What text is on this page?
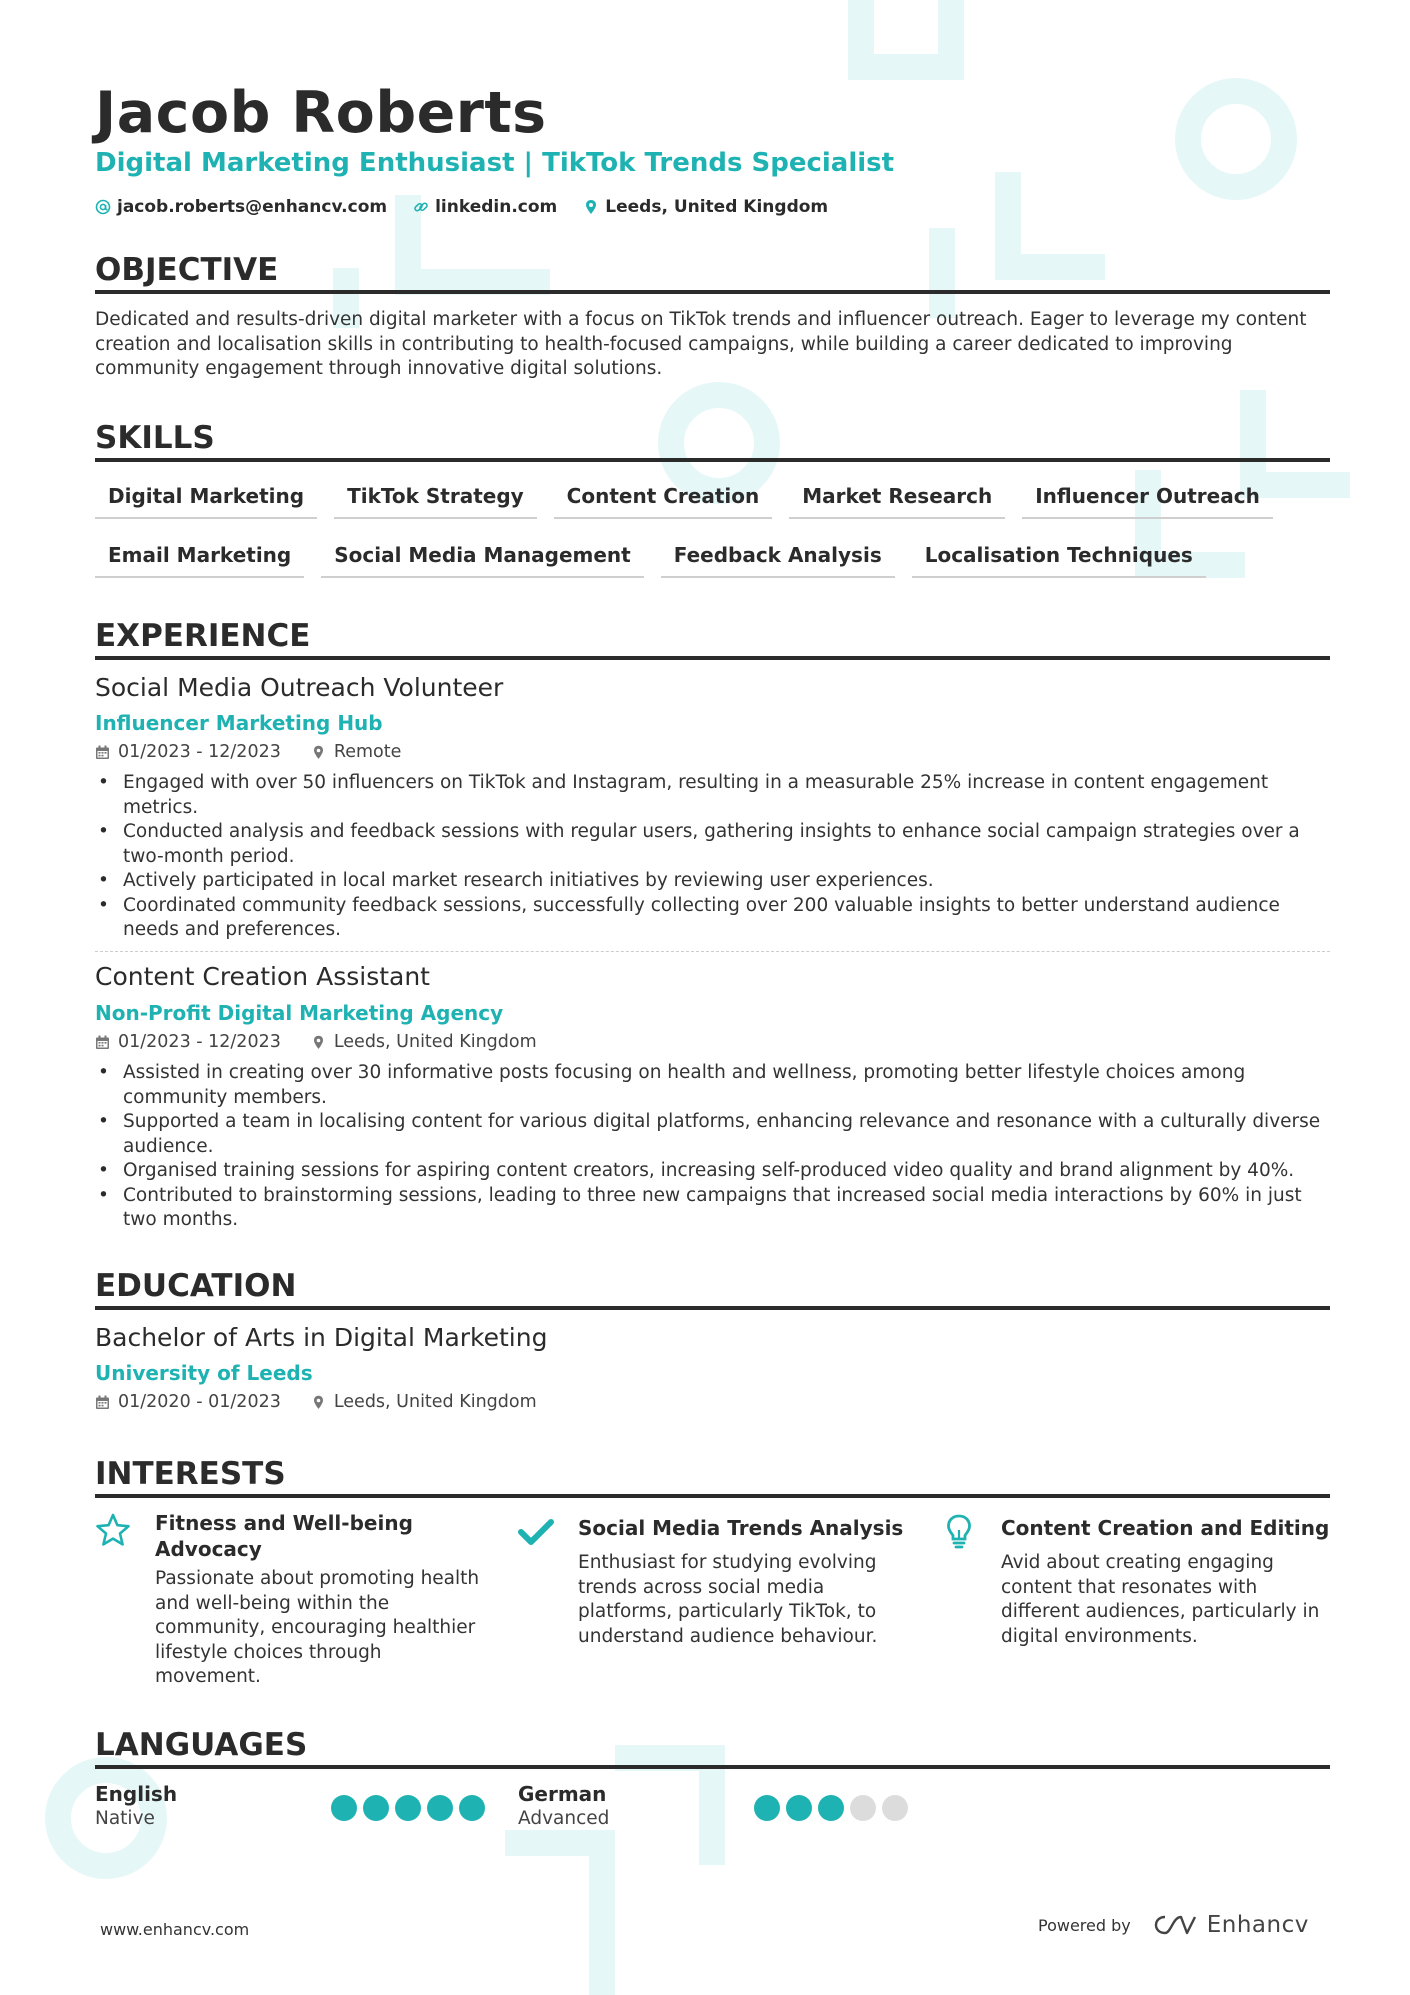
Jacob Roberts
Digital Marketing Enthusiast | TikTok Trends Specialist
jacob.roberts@enhancv.com	linkedin.com	Leeds, United Kingdom
OBJECTIVE
Dedicated and results-driven digital marketer with a focus on TikTok trends and influencer outreach. Eager to leverage my content creation and localisation skills in contributing to health-focused campaigns, while building a career dedicated to improving community engagement through innovative digital solutions.
SKILLS
Digital Marketing	TikTok Strategy	Content Creation	Market Research	Influencer Outreach
Email Marketing	Social Media Management	Feedback Analysis	Localisation Techniques
EXPERIENCE
Social Media Outreach Volunteer
Influencer Marketing Hub
01/2023 - 12/2023	Remote
• Engaged with over 50 influencers on TikTok and Instagram, resulting in a measurable 25% increase in content engagement metrics.
• Conducted analysis and feedback sessions with regular users, gathering insights to enhance social campaign strategies over a two-month period.
• Actively participated in local market research initiatives by reviewing user experiences.
• Coordinated community feedback sessions, successfully collecting over 200 valuable insights to better understand audience needs and preferences.
Content Creation Assistant
Non-Profit Digital Marketing Agency
01/2023 - 12/2023	Leeds, United Kingdom
• Assisted in creating over 30 informative posts focusing on health and wellness, promoting better lifestyle choices among community members.
• Supported a team in localising content for various digital platforms, enhancing relevance and resonance with a culturally diverse audience.
• Organised training sessions for aspiring content creators, increasing self-produced video quality and brand alignment by 40%.
• Contributed to brainstorming sessions, leading to three new campaigns that increased social media interactions by 60% in just two months.
EDUCATION
Bachelor of Arts in Digital Marketing
University of Leeds
01/2020 - 01/2023	Leeds, United Kingdom
INTERESTS
Fitness and Well-being Advocacy
Passionate about promoting health and well-being within the community, encouraging healthier lifestyle choices through movement.
Social Media Trends Analysis
Enthusiast for studying evolving trends across social media platforms, particularly TikTok, to understand audience behaviour.
Content Creation and Editing
Avid about creating engaging content that resonates with different audiences, particularly in digital environments.
LANGUAGES
English
Native
German
Advanced
www.enhancv.com	Powered by	Enhancv
